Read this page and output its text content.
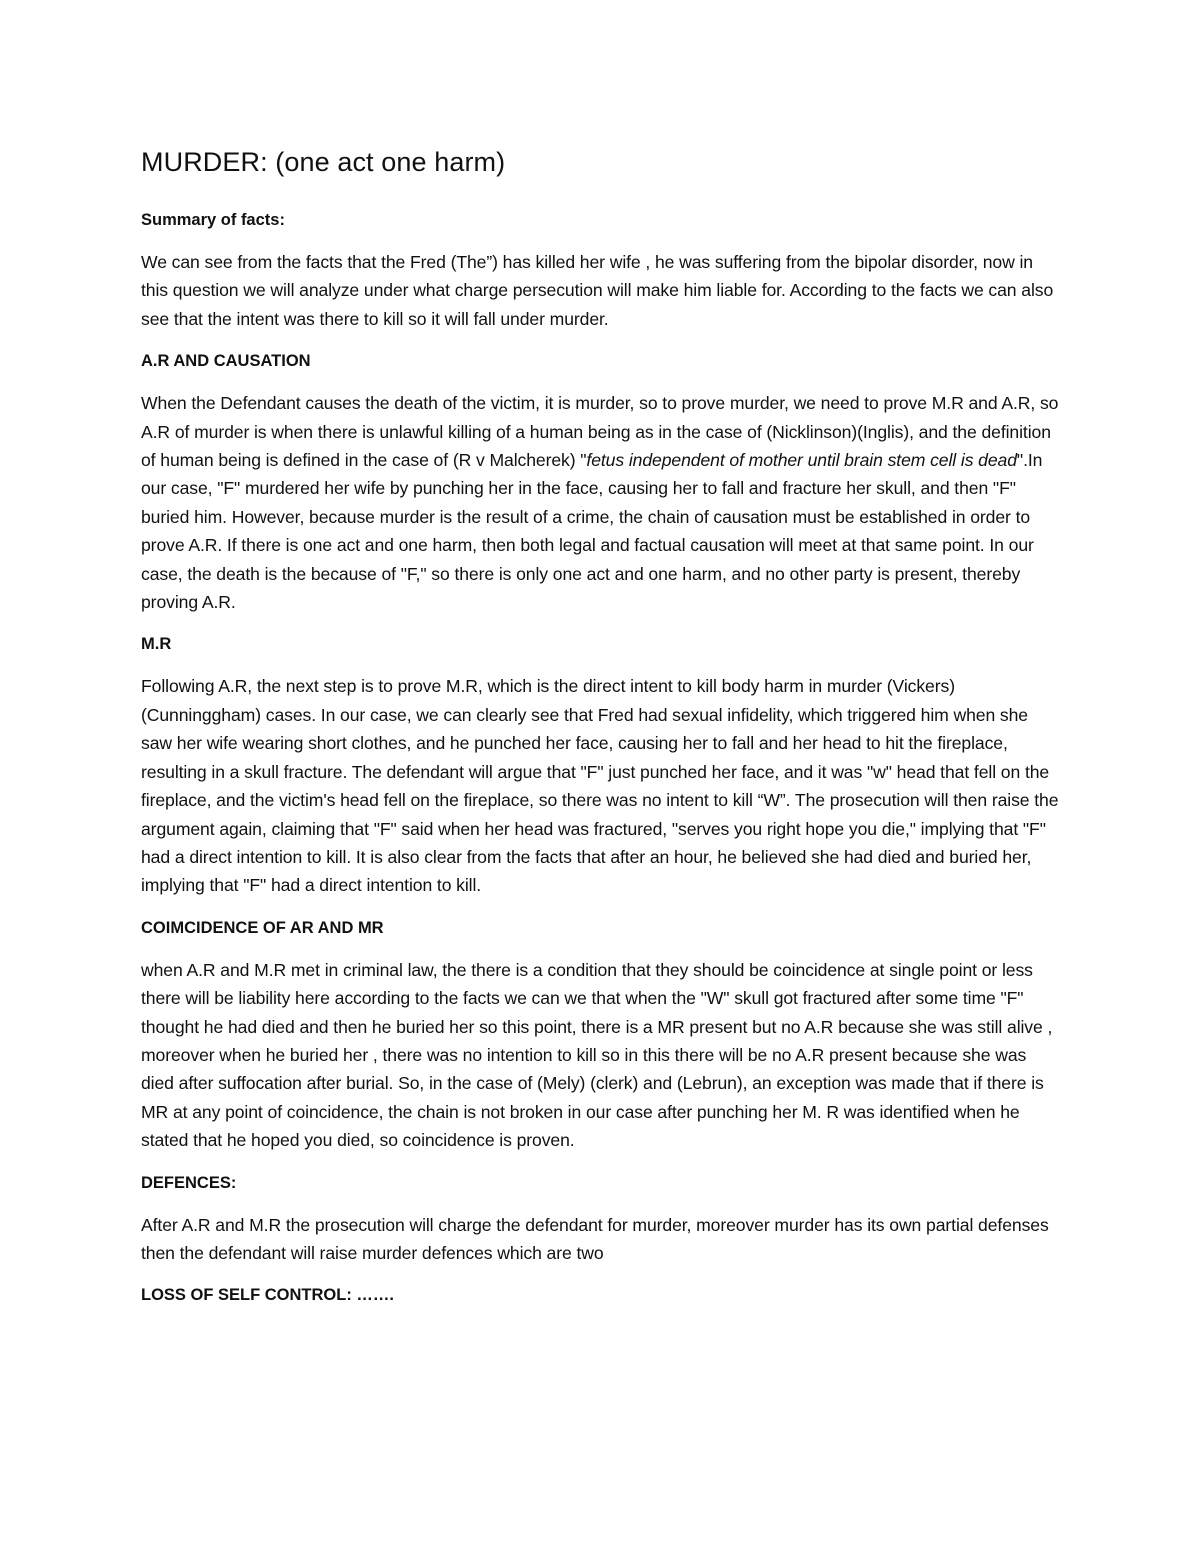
MURDER: (one act one harm)
Summary of facts:

We can see from the facts that the Fred (The”) has killed her wife , he was suffering from the bipolar disorder, now in this question we will analyze under what charge persecution will make him liable for. According to the facts we can also see that the intent was there to kill so it will fall under murder.

A.R AND CAUSATION

When the Defendant causes the death of the victim, it is murder, so to prove murder, we need to prove M.R and A.R, so A.R of murder is when there is unlawful killing of a human being as in the case of (Nicklinson)(Inglis), and the definition of human being is defined in the case of (R v Malcherek) "fetus independent of mother until brain stem cell is dead".In our case, "F" murdered her wife by punching her in the face, causing her to fall and fracture her skull, and then "F" buried him. However, because murder is the result of a crime, the chain of causation must be established in order to prove A.R. If there is one act and one harm, then both legal and factual causation will meet at that same point. In our case, the death is the because of "F," so there is only one act and one harm, and no other party is present, thereby proving A.R.

M.R

Following A.R, the next step is to prove M.R, which is the direct intent to kill body harm in murder (Vickers)(Cunninggham) cases. In our case, we can clearly see that Fred had sexual infidelity, which triggered him when she saw her wife wearing short clothes, and he punched her face, causing her to fall and her head to hit the fireplace, resulting in a skull fracture. The defendant will argue that "F" just punched her face, and it was "w" head that fell on the fireplace, and the victim's head fell on the fireplace, so there was no intent to kill “W”. The prosecution will then raise the argument again, claiming that "F" said when her head was fractured, "serves you right hope you die," implying that "F" had a direct intention to kill. It is also clear from the facts that after an hour, he believed she had died and buried her, implying that "F" had a direct intention to kill.

COIMCIDENCE OF AR AND MR

when A.R and M.R met in criminal law, the there is a condition that they should be coincidence at single point or less there will be liability here according to the facts we can we that when the "W" skull got fractured after some time "F" thought he had died and then he buried her so this point, there is a MR present but no A.R because she was still alive , moreover when he buried her , there was no intention to kill so in this there will be no A.R present because she was died after suffocation after burial. So, in the case of (Mely) (clerk) and (Lebrun), an exception was made that if there is MR at any point of coincidence, the chain is not broken in our case after punching her M. R was identified when he stated that he hoped you died, so coincidence is proven.

DEFENCES:

After A.R and M.R the prosecution will charge the defendant for murder, moreover murder has its own partial defenses then the defendant will raise murder defences which are two

LOSS OF SELF CONTROL: …….
